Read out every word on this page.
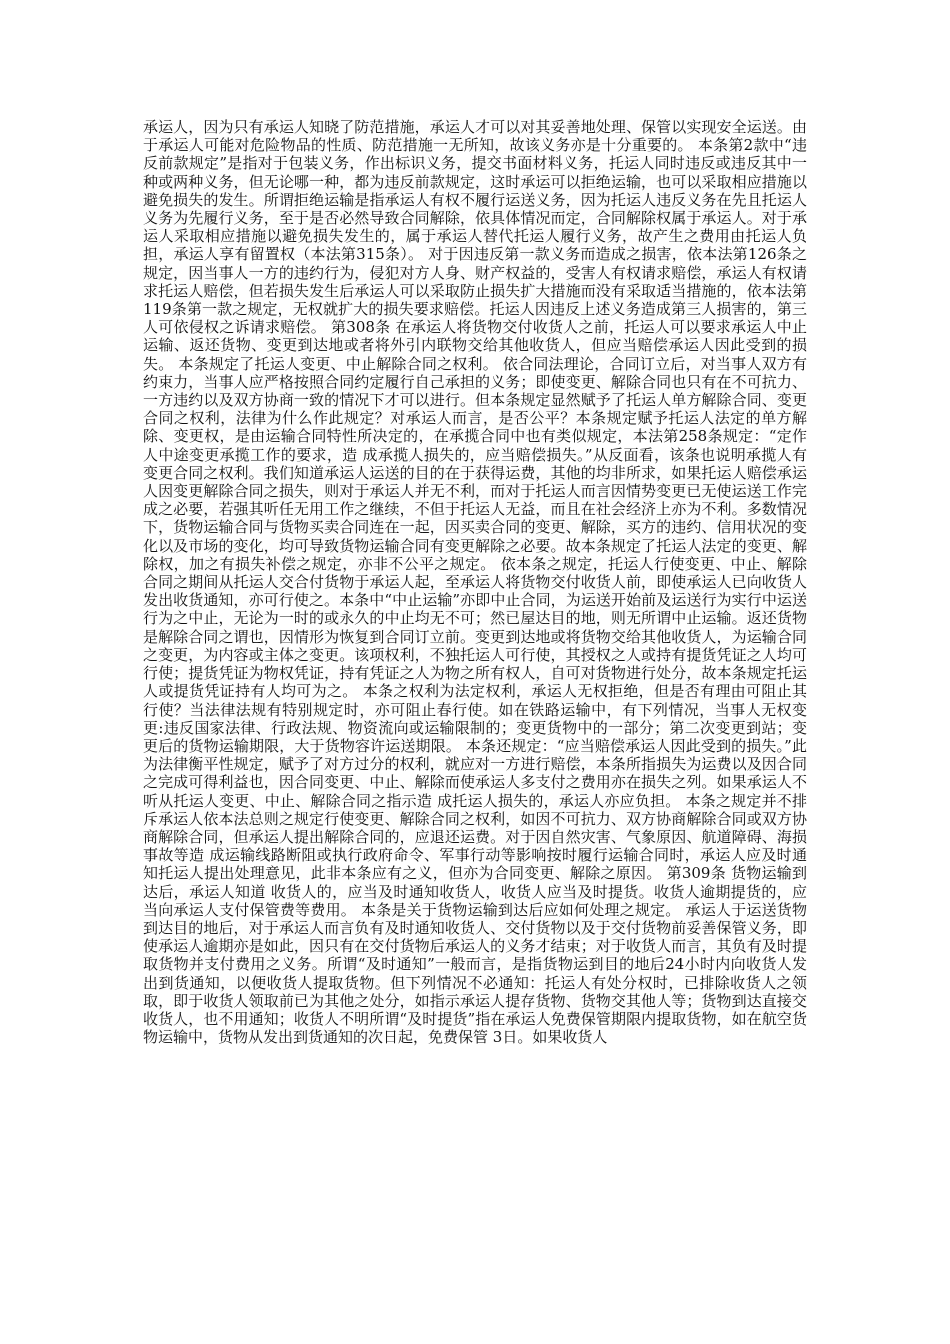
承运人，因为只有承运人知晓了防范措施，承运人才可以对其妥善地处理、保管以实现安全运送。由于承运人可能对危险物品的性质、防范措施一无所知，故该义务亦是十分重要的。 本条第2款中“违反前款规定”是指对于包装义务，作出标识义务，提交书面材料义务，托运人同时违反或违反其中一种或两种义务，但无论哪一种，都为违反前款规定，这时承运可以拒绝运输，也可以采取相应措施以避免损失的发生。所谓拒绝运输是指承运人有权不履行运送义务，因为托运人违反义务在先且托运人义务为先履行义务，至于是否必然导致合同解除，依具体情况而定，合同解除权属于承运人。对于承运人采取相应措施以避免损失发生的，属于承运人替代托运人履行义务，故产生之费用由托运人负担，承运人享有留置权（本法第315条）。 对于因违反第一款义务而造成之损害，依本法第126条之规定，因当事人一方的违约行为，侵犯对方人身、财产权益的，受害人有权请求赔偿，承运人有权请求托运人赔偿，但若损失发生后承运人可以采取防止损失扩大措施而没有采取适当措施的，依本法第119条第一款之规定，无权就扩大的损失要求赔偿。托运人因违反上述义务造成第三人损害的，第三人可依侵权之诉请求赔偿。 第308条 在承运人将货物交付收货人之前，托运人可以要求承运人中止运输、返还货物、变更到达地或者将外引内联物交给其他收货人，但应当赔偿承运人因此受到的损失。 本条规定了托运人变更、中止解除合同之权利。 依合同法理论，合同订立后，对当事人双方有约束力，当事人应严格按照合同约定履行自己承担的义务；即使变更、解除合同也只有在不可抗力、一方违约以及双方协商一致的情况下才可以进行。但本条规定显然赋予了托运人单方解除合同、变更合同之权利，法律为什么作此规定？对承运人而言，是否公平？本条规定赋予托运人法定的单方解除、变更权，是由运输合同特性所决定的，在承揽合同中也有类似规定，本法第258条规定：“定作人中途变更承揽工作的要求，造 成承揽人损失的，应当赔偿损失。”从反面看，该条也说明承揽人有变更合同之权利。我们知道承运人运送的目的在于获得运费，其他的均非所求，如果托运人赔偿承运人因变更解除合同之损失，则对于承运人并无不利，而对于托运人而言因情势变更已无使运送工作完成之必要，若强其听任无用工作之继续，不但于托运人无益，而且在社会经济上亦为不利。多数情况下，货物运输合同与货物买卖合同连在一起，因买卖合同的变更、解除，买方的违约、信用状况的变化以及市场的变化，均可导致货物运输合同有变更解除之必要。故本条规定了托运人法定的变更、解除权，加之有损失补偿之规定，亦非不公平之规定。 依本条之规定，托运人行使变更、中止、解除合同之期间从托运人交合付货物于承运人起，至承运人将货物交付收货人前，即使承运人已向收货人发出收货通知，亦可行使之。本条中“中止运输”亦即中止合同，为运送开始前及运送行为实行中运送行为之中止，无论为一时的或永久的中止均无不可；然已屋达目的地，则无所谓中止运输。返还货物是解除合同之谓也，因情形为恢复到合同订立前。变更到达地或将货物交给其他收货人，为运输合同之变更，为内容或主体之变更。该项权利，不独托运人可行使，其授权之人或持有提货凭证之人均可行使；提货凭证为物权凭证，持有凭证之人为物之所有权人，自可对货物进行处分，故本条规定托运人或提货凭证持有人均可为之。 本条之权利为法定权利，承运人无权拒绝，但是否有理由可阻止其行使？当法律法规有特别规定时，亦可阻止春行使。如在铁路运输中，有下列情况，当事人无权变更:违反国家法律、行政法规、物资流向或运输限制的；变更货物中的一部分；第二次变更到站；变更后的货物运输期限，大于货物容许运送期限。 本条还规定：“应当赔偿承运人因此受到的损失。”此为法律衡平性规定，赋予了对方过分的权利，就应对一方进行赔偿，本条所指损失为运费以及因合同之完成可得利益也，因合同变更、中止、解除而使承运人多支付之费用亦在损失之列。如果承运人不听从托运人变更、中止、解除合同之指示造 成托运人损失的，承运人亦应负担。 本条之规定并不排斥承运人依本法总则之规定行使变更、解除合同之权利，如因不可抗力、双方协商解除合同或双方协商解除合同，但承运人提出解除合同的，应退还运费。对于因自然灾害、气象原因、航道障碍、海损事故等造 成运输线路断阻或执行政府命令、军事行动等影响按时履行运输合同时，承运人应及时通知托运人提出处理意见，此非本条应有之义，但亦为合同变更、解除之原因。 第309条 货物运输到达后，承运人知道 收货人的，应当及时通知收货人，收货人应当及时提货。收货人逾期提货的，应当向承运人支付保管费等费用。 本条是关于货物运输到达后应如何处理之规定。 承运人于运送货物到达目的地后，对于承运人而言负有及时通知收货人、交付货物以及于交付货物前妥善保管义务，即使承运人逾期亦是如此，因只有在交付货物后承运人的义务才结束；对于收货人而言，其负有及时提取货物并支付费用之义务。所谓“及时通知”一般而言，是指货物运到目的地后24小时内向收货人发出到货通知，以便收货人提取货物。但下列情况不必通知：托运人有处分权时，已排除收货人之领取，即于收货人领取前已为其他之处分，如指示承运人提存货物、货物交其他人等；货物到达直接交收货人，也不用通知；收货人不明所谓“及时提货”指在承运人免费保管期限内提取货物，如在航空货物运输中，货物从发出到货通知的次日起，免费保管 3日。如果收货人
